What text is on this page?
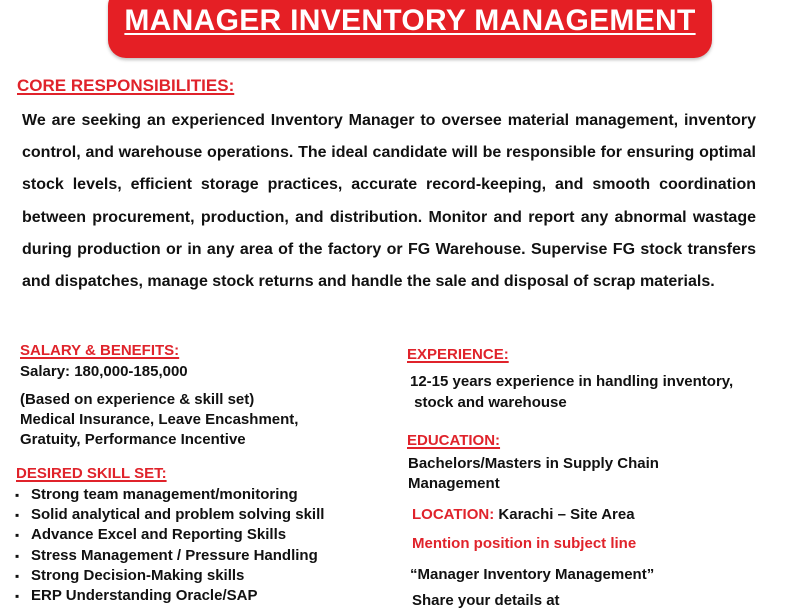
MANAGER INVENTORY MANAGEMENT
CORE RESPONSIBILITIES:
We are seeking an experienced Inventory Manager to oversee material management, inventory control, and warehouse operations. The ideal candidate will be responsible for ensuring optimal stock levels, efficient storage practices, accurate record-keeping, and smooth coordination between procurement, production, and distribution. Monitor and report any abnormal wastage during production or in any area of the factory or FG Warehouse. Supervise FG stock transfers and dispatches, manage stock returns and handle the sale and disposal of scrap materials.
SALARY & BENEFITS:
Salary: 180,000-185,000
(Based on experience & skill set)
Medical Insurance, Leave Encashment,
Gratuity, Performance Incentive
DESIRED SKILL SET:
▪ Strong team management/monitoring
▪ Solid analytical and problem solving skill
▪ Advance Excel and Reporting Skills
▪ Stress Management / Pressure Handling
▪ Strong Decision-Making skills
▪ ERP Understanding Oracle/SAP
EXPERIENCE:
12-15 years experience in handling inventory,
stock and warehouse
EDUCATION:
Bachelors/Masters in Supply Chain
Management
LOCATION: Karachi – Site Area
Mention position in subject line
“Manager Inventory Management”
Share your details at
